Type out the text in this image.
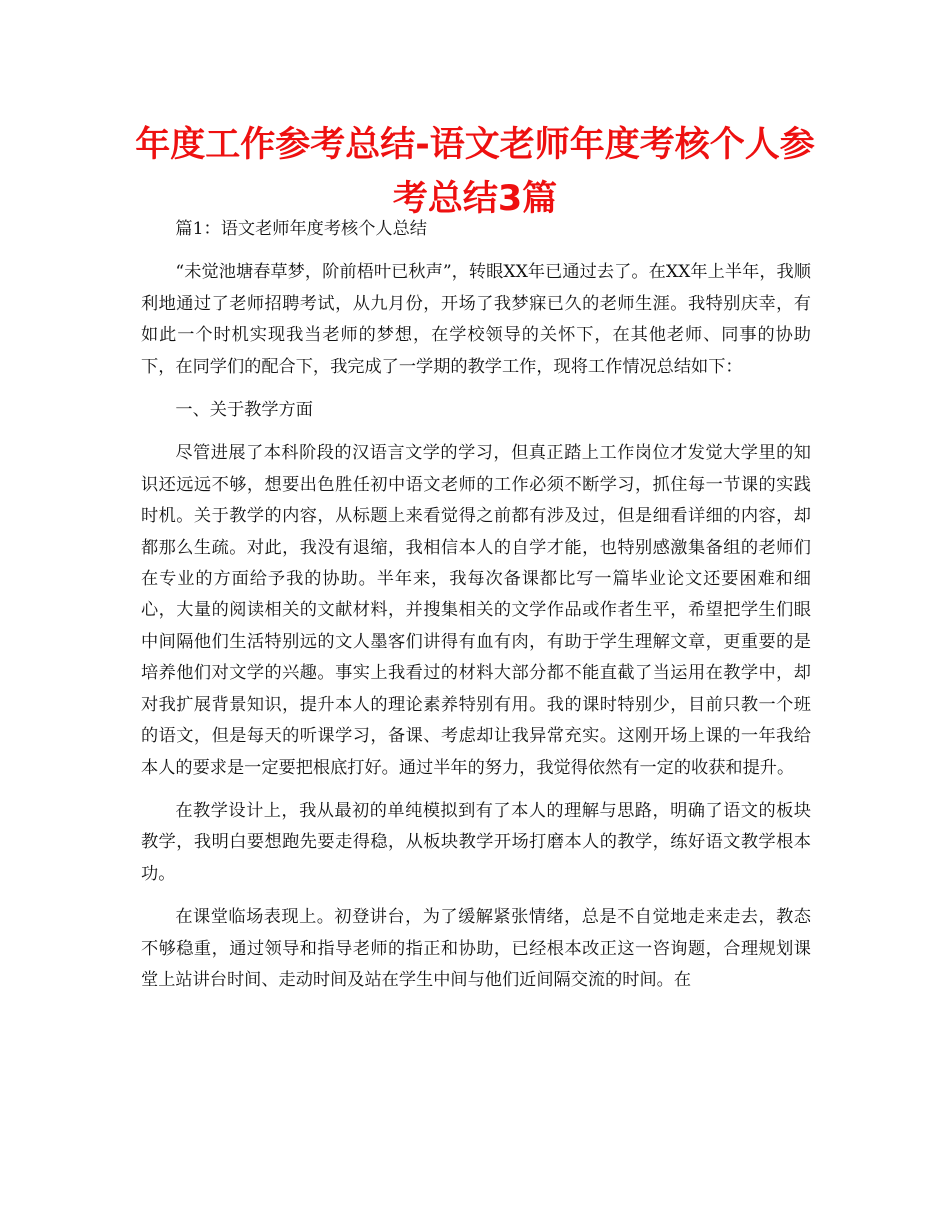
年度工作参考总结-语文老师年度考核个人参考总结3篇

篇1：语文老师年度考核个人总结

“未觉池塘春草梦，阶前梧叶已秋声”，转眼XX年已通过去了。在XX年上半年，我顺利地通过了老师招聘考试，从九月份，开场了我梦寐已久的老师生涯。我特别庆幸，有如此一个时机实现我当老师的梦想，在学校领导的关怀下，在其他老师、同事的协助下，在同学们的配合下，我完成了一学期的教学工作，现将工作情况总结如下：

一、关于教学方面

尽管进展了本科阶段的汉语言文学的学习，但真正踏上工作岗位才发觉大学里的知识还远远不够，想要出色胜任初中语文老师的工作必须不断学习，抓住每一节课的实践时机。关于教学的内容，从标题上来看觉得之前都有涉及过，但是细看详细的内容，却都那么生疏。对此，我没有退缩，我相信本人的自学才能，也特别感激集备组的老师们在专业的方面给予我的协助。半年来，我每次备课都比写一篇毕业论文还要困难和细心，大量的阅读相关的文献材料，并搜集相关的文学作品或作者生平，希望把学生们眼中间隔他们生活特别远的文人墨客们讲得有血有肉，有助于学生理解文章，更重要的是培养他们对文学的兴趣。事实上我看过的材料大部分都不能直截了当运用在教学中，却对我扩展背景知识，提升本人的理论素养特别有用。我的课时特别少，目前只教一个班的语文，但是每天的听课学习，备课、考虑却让我异常充实。这刚开场上课的一年我给本人的要求是一定要把根底打好。通过半年的努力，我觉得依然有一定的收获和提升。

在教学设计上，我从最初的单纯模拟到有了本人的理解与思路，明确了语文的板块教学，我明白要想跑先要走得稳，从板块教学开场打磨本人的教学，练好语文教学根本功。

在课堂临场表现上。初登讲台，为了缓解紧张情绪，总是不自觉地走来走去，教态不够稳重，通过领导和指导老师的指正和协助，已经根本改正这一咨询题，合理规划课堂上站讲台时间、走动时间及站在学生中间与他们近间隔交流的时间。在
